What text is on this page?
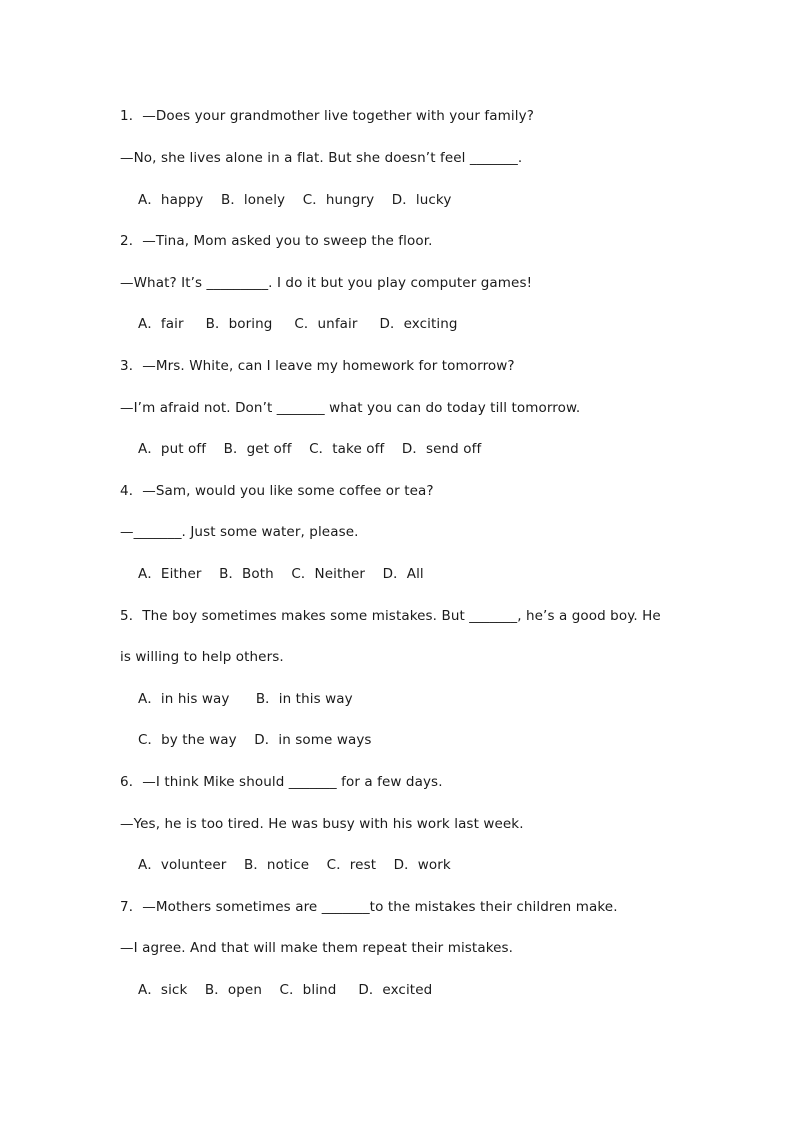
1．—Does your grandmother live together with your family?
—No, she lives alone in a flat. But she doesn’t feel _______.
A．happy    B．lonely    C．hungry    D．lucky
2．—Tina, Mom asked you to sweep the floor.
—What? It’s _________. I do it but you play computer games!
A．fair     B．boring     C．unfair     D．exciting
3．—Mrs. White, can I leave my homework for tomorrow?
—I’m afraid not. Don’t _______ what you can do today till tomorrow.
A．put off    B．get off    C．take off    D．send off
4．—Sam, would you like some coffee or tea?
—_______. Just some water, please.
A．Either    B．Both    C．Neither    D．All
5．The boy sometimes makes some mistakes. But _______, he’s a good boy. He
is willing to help others.
A．in his way      B．in this way
C．by the way    D．in some ways
6．—I think Mike should _______ for a few days.
—Yes, he is too tired. He was busy with his work last week.
A．volunteer    B．notice    C．rest    D．work
7．—Mothers sometimes are _______to the mistakes their children make.
—I agree. And that will make them repeat their mistakes.
A．sick    B．open    C．blind     D．excited
